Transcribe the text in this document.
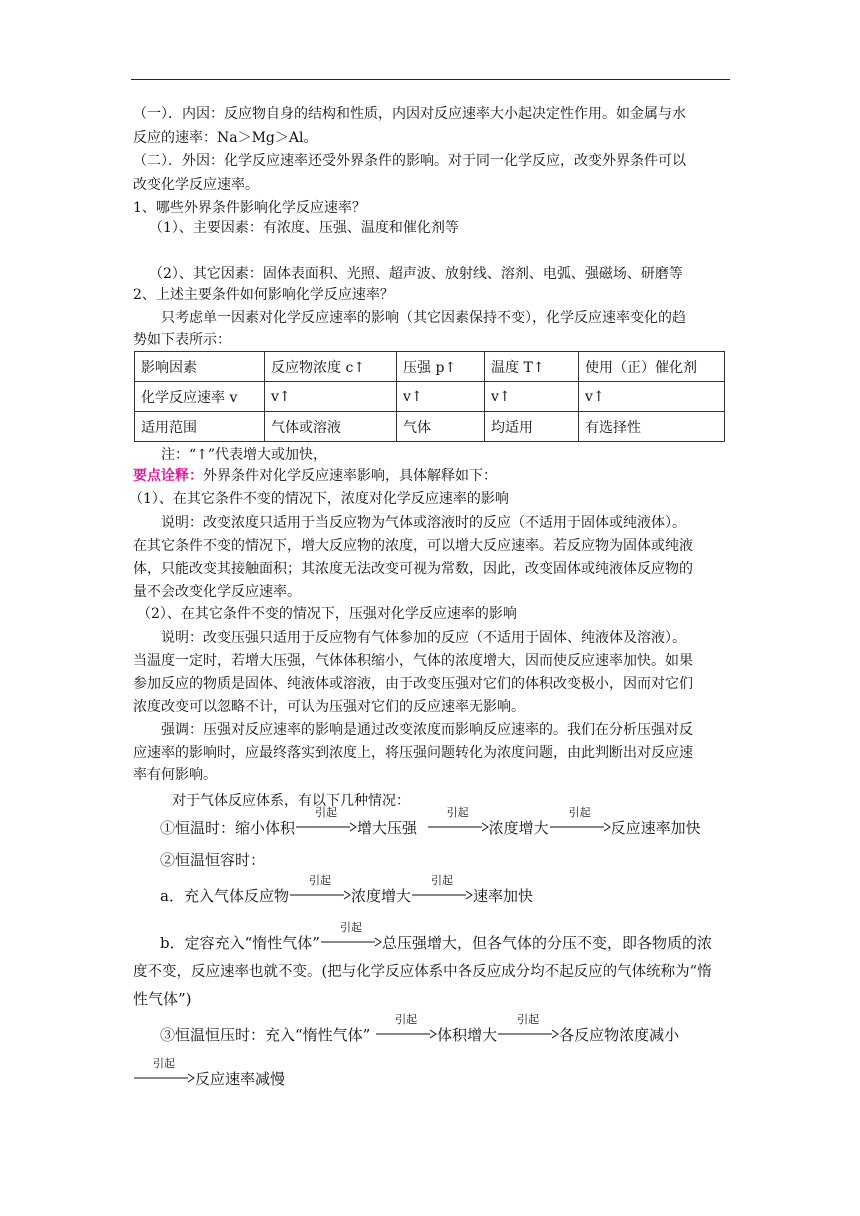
（一）．内因：反应物自身的结构和性质，内因对反应速率大小起决定性作用。如金属与水
反应的速率：Na＞Mg＞Al。
（二）．外因：化学反应速率还受外界条件的影响。对于同一化学反应，改变外界条件可以
改变化学反应速率。
1、哪些外界条件影响化学反应速率？
（1）、主要因素：有浓度、压强、温度和催化剂等
（2）、其它因素：固体表面积、光照、超声波、放射线、溶剂、电弧、强磁场、研磨等
2、上述主要条件如何影响化学反应速率？
只考虑单一因素对化学反应速率的影响（其它因素保持不变），化学反应速率变化的趋
势如下表所示：
影响因素	反应物浓度 c↑	压强 p↑	温度 T↑	使用（正）催化剂
化学反应速率 v	v↑	v↑	v↑	v↑
适用范围	气体或溶液	气体	均适用	有选择性
注：“↑”代表增大或加快，
要点诠释：外界条件对化学反应速率影响，具体解释如下：
（1）、在其它条件不变的情况下，浓度对化学反应速率的影响
说明：改变浓度只适用于当反应物为气体或溶液时的反应（不适用于固体或纯液体）。
在其它条件不变的情况下，增大反应物的浓度，可以增大反应速率。若反应物为固体或纯液
体，只能改变其接触面积；其浓度无法改变可视为常数，因此，改变固体或纯液体反应物的
量不会改变化学反应速率。
（2）、在其它条件不变的情况下，压强对化学反应速率的影响
说明：改变压强只适用于反应物有气体参加的反应（不适用于固体、纯液体及溶液）。
当温度一定时，若增大压强，气体体积缩小，气体的浓度增大，因而使反应速率加快。如果
参加反应的物质是固体、纯液体或溶液，由于改变压强对它们的体积改变极小，因而对它们
浓度改变可以忽略不计，可认为压强对它们的反应速率无影响。
强调：压强对反应速率的影响是通过改变浓度而影响反应速率的。我们在分析压强对反
应速率的影响时，应最终落实到浓度上，将压强问题转化为浓度问题，由此判断出对反应速
率有何影响。
对于气体反应体系，有以下几种情况：
①恒温时：缩小体积
引起
增大压强
引起
浓度增大
引起
反应速率加快
②恒温恒容时：
a．充入气体反应物
引起
浓度增大
引起
速率加快
b．定容充入“惰性气体”
引起
总压强增大，但各气体的分压不变，即各物质的浓
度不变，反应速率也就不变。(把与化学反应体系中各反应成分均不起反应的气体统称为“惰
性气体”)
③恒温恒压时：充入“惰性气体”
引起
体积增大
引起
各反应物浓度减小
引起
反应速率减慢
